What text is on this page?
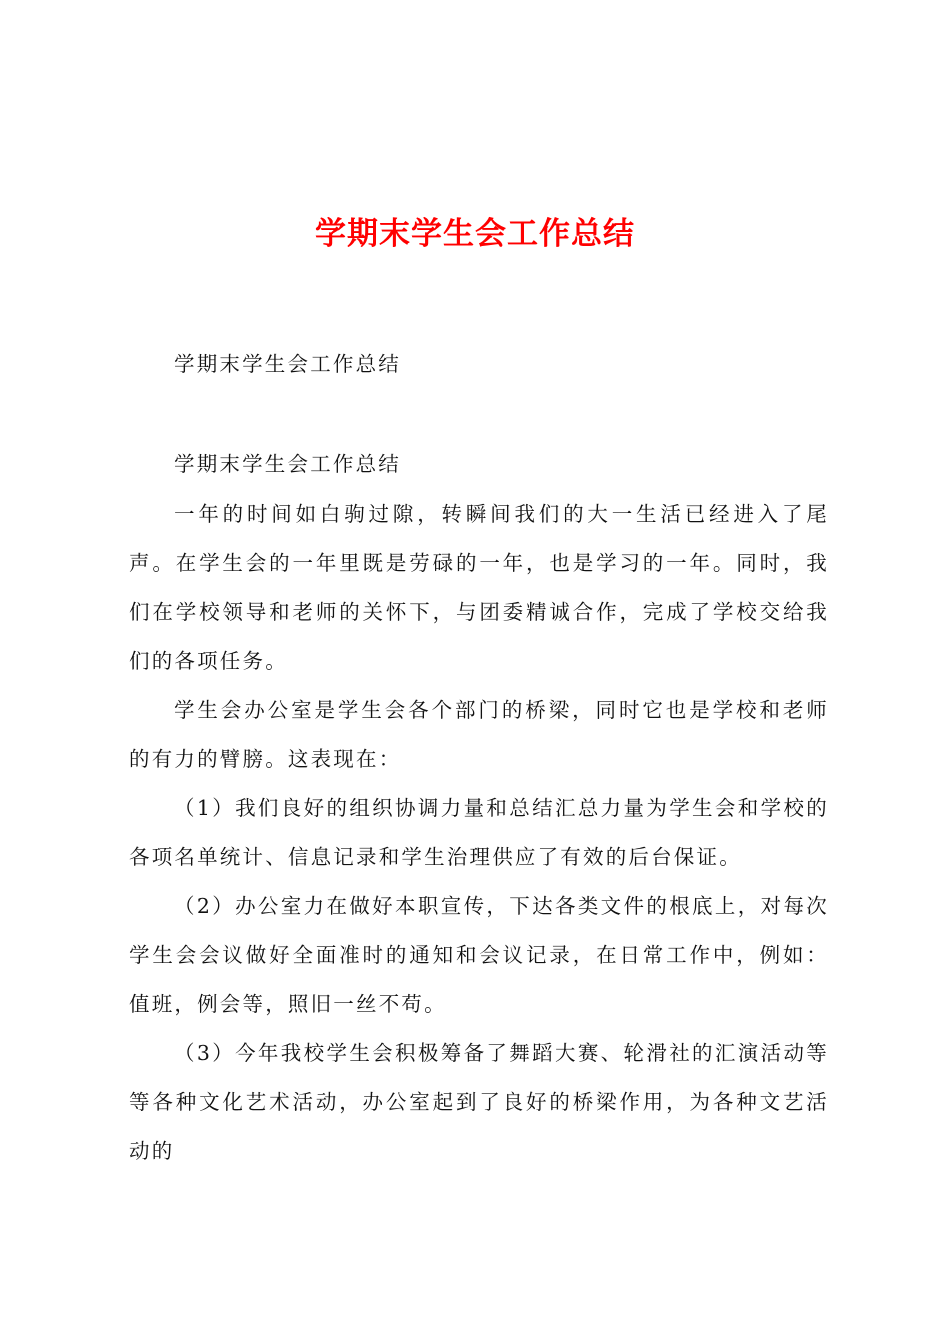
学期末学生会工作总结

学期末学生会工作总结

学期末学生会工作总结

一年的时间如白驹过隙，转瞬间我们的大一生活已经进入了尾声。在学生会的一年里既是劳碌的一年，也是学习的一年。同时，我们在学校领导和老师的关怀下，与团委精诚合作，完成了学校交给我们的各项任务。

学生会办公室是学生会各个部门的桥梁，同时它也是学校和老师的有力的臂膀。这表现在：

（1）我们良好的组织协调力量和总结汇总力量为学生会和学校的各项名单统计、信息记录和学生治理供应了有效的后台保证。

（2）办公室力在做好本职宣传，下达各类文件的根底上，对每次学生会会议做好全面准时的通知和会议记录，在日常工作中，例如：值班，例会等，照旧一丝不苟。

（3）今年我校学生会积极筹备了舞蹈大赛、轮滑社的汇演活动等等各种文化艺术活动，办公室起到了良好的桥梁作用，为各种文艺活动的
